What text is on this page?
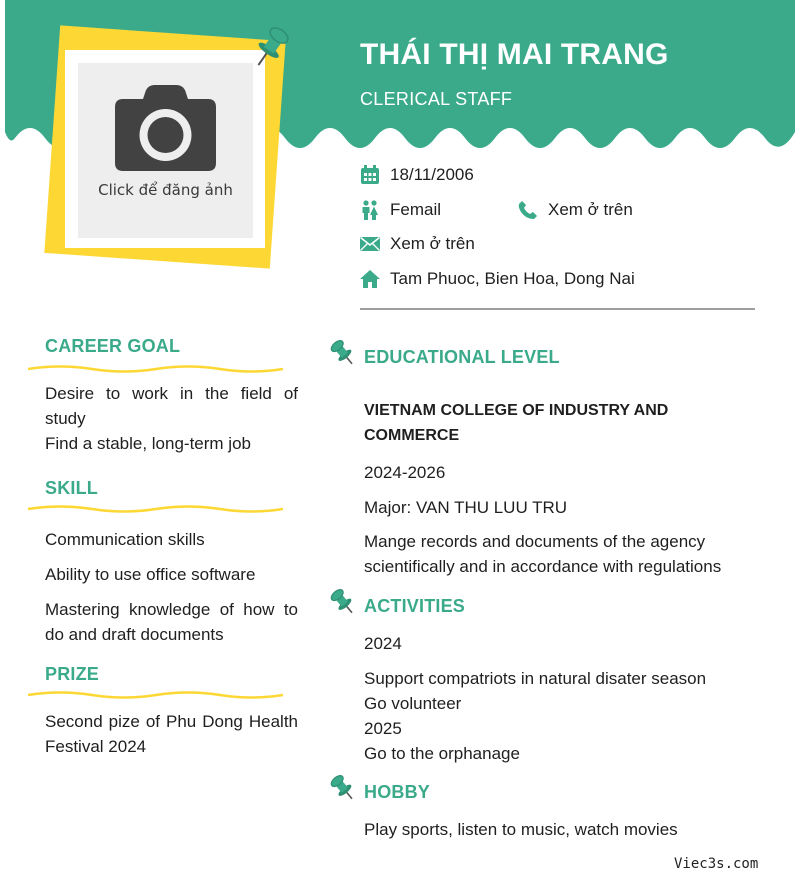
Click để đăng ảnh
THÁI THỊ MAI TRANG
CLERICAL STAFF
18/11/2006
Femail	Xem ở trên
Xem ở trên
Tam Phuoc, Bien Hoa, Dong Nai
CAREER GOAL
Desire to work in the field of study
Find a stable, long-term job
SKILL
Communication skills
Ability to use office software
Mastering knowledge of how to do and draft documents
PRIZE
Second pize of Phu Dong Health Festival 2024
EDUCATIONAL LEVEL
VIETNAM COLLEGE OF INDUSTRY AND COMMERCE
2024-2026
Major: VAN THU LUU TRU
Mange records and documents of the agency scientifically and in accordance with regulations
ACTIVITIES
2024
Support compatriots in natural disater season
Go volunteer
2025
Go to the orphanage
HOBBY
Play sports, listen to music, watch movies
Viec3s.com
